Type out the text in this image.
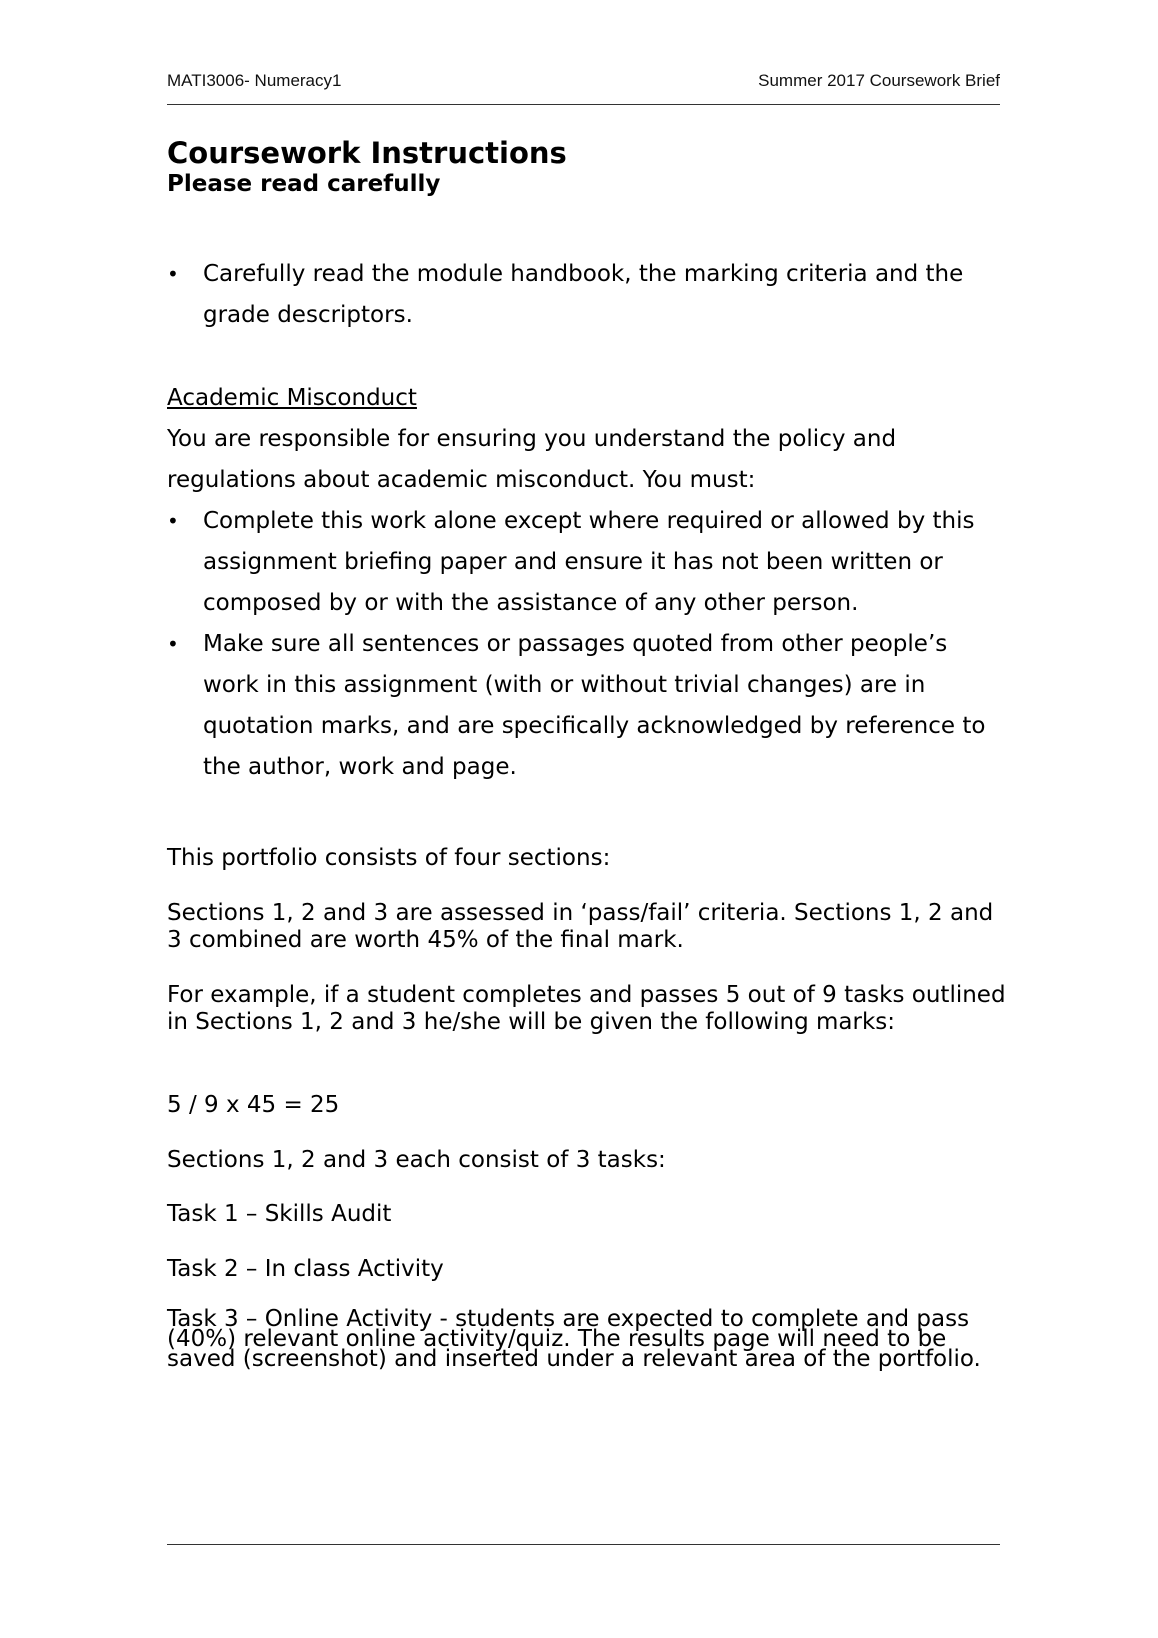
MATI3006- Numeracy1	Summer 2017 Coursework Brief
Coursework Instructions
Please read carefully
• Carefully read the module handbook, the marking criteria and the grade descriptors.
Academic Misconduct
You are responsible for ensuring you understand the policy and regulations about academic misconduct. You must:
• Complete this work alone except where required or allowed by this assignment briefing paper and ensure it has not been written or composed by or with the assistance of any other person.
• Make sure all sentences or passages quoted from other people’s work in this assignment (with or without trivial changes) are in quotation marks, and are specifically acknowledged by reference to the author, work and page.
This portfolio consists of four sections:
Sections 1, 2 and 3 are assessed in ‘pass/fail’ criteria. Sections 1, 2 and 3 combined are worth 45% of the final mark.
For example, if a student completes and passes 5 out of 9 tasks outlined in Sections 1, 2 and 3 he/she will be given the following marks:
5 / 9 x 45 = 25
Sections 1, 2 and 3 each consist of 3 tasks:
Task 1 – Skills Audit
Task 2 – In class Activity
Task 3 – Online Activity - students are expected to complete and pass (40%) relevant online activity/quiz. The results page will need to be saved (screenshot) and inserted under a relevant area of the portfolio.
